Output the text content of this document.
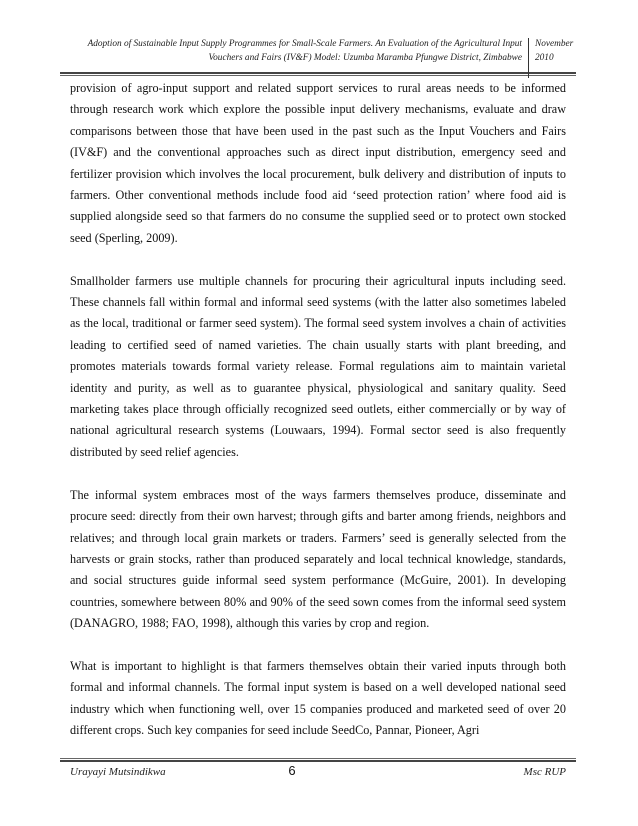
Adoption of Sustainable Input Supply Programmes for Small-Scale Farmers. An Evaluation of the Agricultural Input
Vouchers and Fairs (IV&F) Model: Uzumba Maramba Pfungwe District, Zimbabwe
November
2010

provision of agro-input support and related support services to rural areas needs to be informed through research work which explore the possible input delivery mechanisms, evaluate and draw comparisons between those that have been used in the past such as the Input Vouchers and Fairs (IV&F) and the conventional approaches such as direct input distribution, emergency seed and fertilizer provision which involves the local procurement, bulk delivery and distribution of inputs to farmers. Other conventional methods include food aid ‘seed protection ration’ where food aid is supplied alongside seed so that farmers do no consume the supplied seed or to protect own stocked seed (Sperling, 2009).

Smallholder farmers use multiple channels for procuring their agricultural inputs including seed. These channels fall within formal and informal seed systems (with the latter also sometimes labeled as the local, traditional or farmer seed system). The formal seed system involves a chain of activities leading to certified seed of named varieties. The chain usually starts with plant breeding, and promotes materials towards formal variety release. Formal regulations aim to maintain varietal identity and purity, as well as to guarantee physical, physiological and sanitary quality. Seed marketing takes place through officially recognized seed outlets, either commercially or by way of national agricultural research systems (Louwaars, 1994). Formal sector seed is also frequently distributed by seed relief agencies.

The informal system embraces most of the ways farmers themselves produce, disseminate and procure seed: directly from their own harvest; through gifts and barter among friends, neighbors and relatives; and through local grain markets or traders. Farmers’ seed is generally selected from the harvests or grain stocks, rather than produced separately and local technical knowledge, standards, and social structures guide informal seed system performance (McGuire, 2001). In developing countries, somewhere between 80% and 90% of the seed sown comes from the informal seed system (DANAGRO, 1988; FAO, 1998), although this varies by crop and region.

What is important to highlight is that farmers themselves obtain their varied inputs through both formal and informal channels. The formal input system is based on a well developed national seed industry which when functioning well, over 15 companies produced and marketed seed of over 20 different crops. Such key companies for seed include SeedCo, Pannar, Pioneer, Agri

Urayayi Mutsindikwa	6	Msc RUP
